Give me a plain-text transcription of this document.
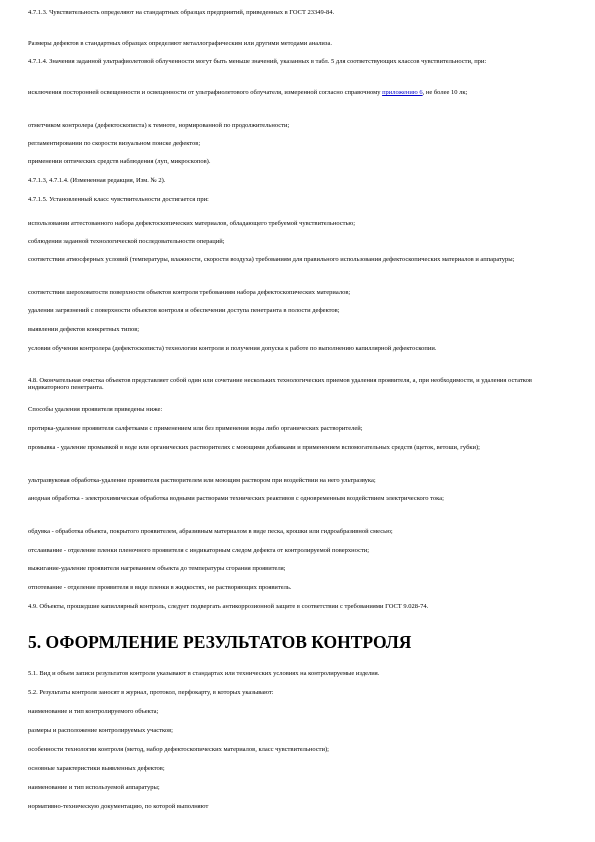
4.7.1.3. Чувствительность определяют на стандартных образцах предприятий, приведенных в ГОСТ 23349-84.

Размеры дефектов в стандартных образцах определяют металлографическим или другими методами анализа.

4.7.1.4. Значения заданной ультрафиолетовой облученности могут быть меньше значений, указанных в табл. 5 для соответствующих классов чувствительности, при:

исключения посторонней освещенности и освещенности от ультрафиолетового облучателя, измеренной согласно справочному приложению 6, не более 10 лк;

отметчиком контролера (дефектоскописта) к темноте, нормированной по продолжительности;

регламентировании по скорости визуальном поиске дефектов;

применении оптических средств наблюдения (луп, микроскопов).

4.7.1.3, 4.7.1.4. (Измененная редакция, Изм. № 2).

4.7.1.5. Установленный класс чувствительности достигается при:

использовании аттестованного набора дефектоскопических материалов, обладающего требуемой чувствительностью;

соблюдении заданной технологической последовательности операций;

соответствии атмосферных условий (температуры, влажности, скорости воздуха) требованиям для правильного использования дефектоскопических материалов и аппаратуры;

соответствии шероховатости поверхности объектов контроля требованиям набора дефектоскопических материалов;

удалении загрязнений с поверхности объектов контроля и обеспечении доступа пенетранта в полости дефектов;

выявлении дефектов конкретных типов;

условии обучения контролера (дефектоскописта) технологии контроля и получения допуска к работе по выполнению капиллярной дефектоскопии.

4.8. Окончательная очистка объектов представляет собой один или сочетание нескольких технологических приемов удаления проявителя, а, при необходимости, и удаления остатков индикаторного пенетранта.

Способы удаления проявителя приведены ниже:

протирка-удаление проявителя салфетками с применением или без применения воды либо органических растворителей;

промывка - удаление промывкой в воде или органических растворителях с моющими добавками и применением вспомогательных средств (щеток, ветоши, губки);

ультразвуковая обработка-удаление проявителя растворителем или моющим раствором при воздействии на него ультразвука;

анодная обработка - электрохимическая обработка водными растворами технических реактивов с одновременным воздействием электрического тока;

обдувка - обработка объекта, покрытого проявителем, абразивным материалом в виде песка, крошки или гидроабразивной смесью;

отслаивание - отделение пленки пленочного проявителя с индикаторным следом дефекта от контролируемой поверхности;

выжигание-удаление проявителя нагреванием объекта до температуры сгорания проявителя;

отпотевание - отделение проявителя в виде пленки в жидкостях, не растворяющих проявитель.

4.9. Объекты, прошедшие капиллярный контроль, следует подвергать антикоррозионной защите в соответствии с требованиями ГОСТ 9.028-74.

5. ОФОРМЛЕНИЕ РЕЗУЛЬТАТОВ КОНТРОЛЯ

5.1. Вид и объем записи результатов контроля указывают в стандартах или технических условиях на контролируемые изделия.

5.2. Результаты контроля заносят в журнал, протокол, перфокарту, в которых указывают:

наименование и тип контролируемого объекта;

размеры и расположение контролируемых участков;

особенности технологии контроля (метод, набор дефектоскопических материалов, класс чувствительности);

основные характеристики выявленных дефектов;

наименование и тип используемой аппаратуры;

нормативно-техническую документацию, по которой выполняют
